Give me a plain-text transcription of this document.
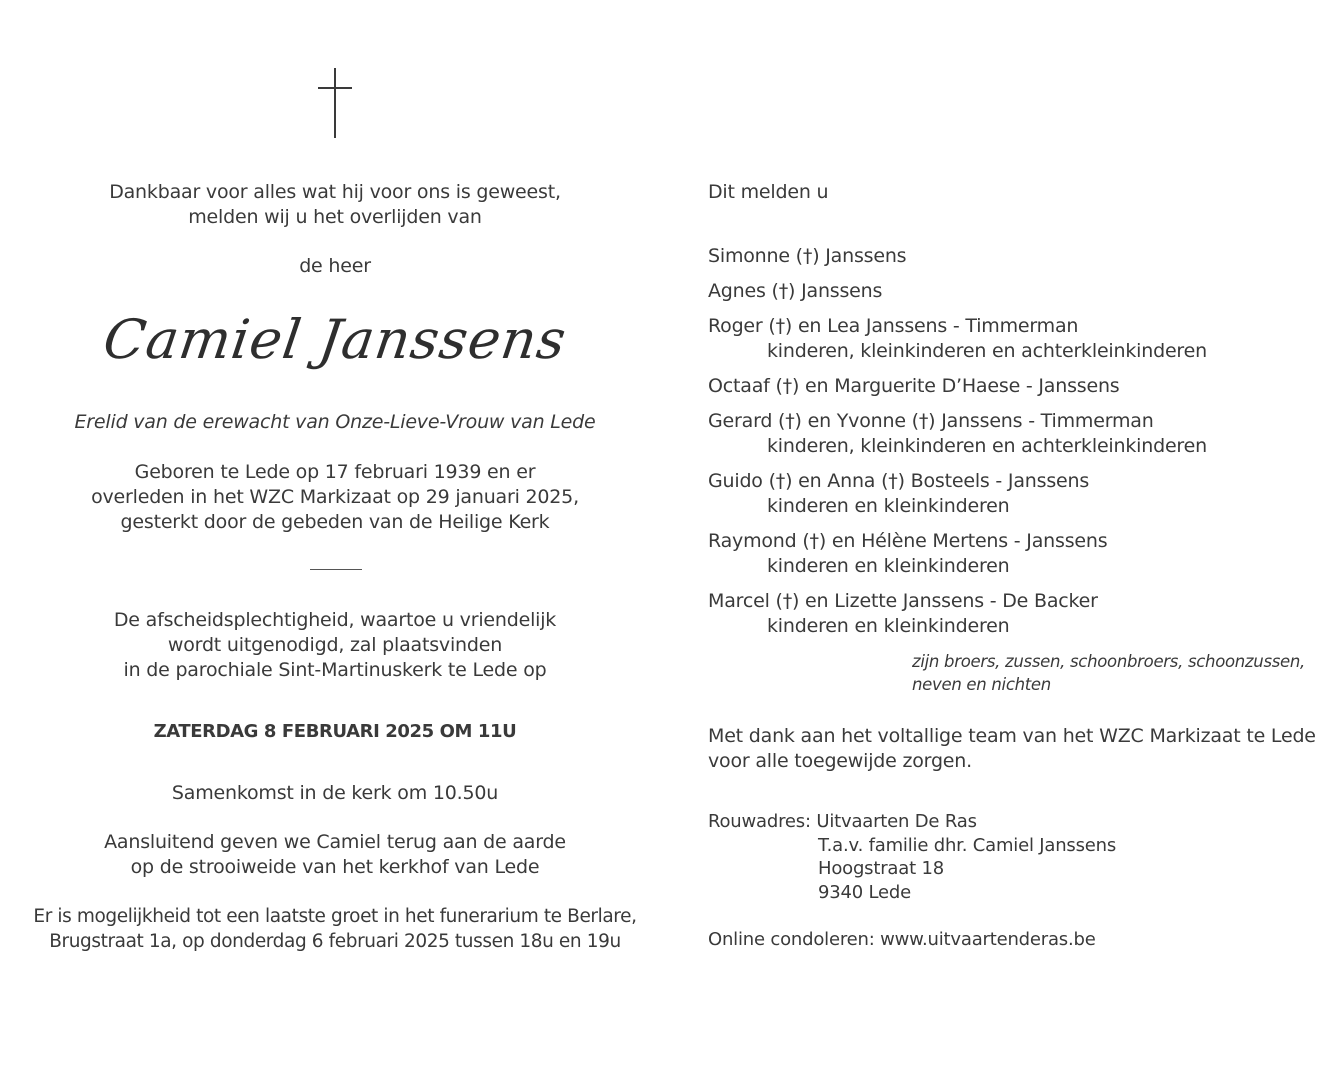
Dankbaar voor alles wat hij voor ons is geweest,
melden wij u het overlijden van
de heer
Camiel Janssens
Erelid van de erewacht van Onze-Lieve-Vrouw van Lede
Geboren te Lede op 17 februari 1939 en er
overleden in het WZC Markizaat op 29 januari 2025,
gesterkt door de gebeden van de Heilige Kerk
De afscheidsplechtigheid, waartoe u vriendelijk
wordt uitgenodigd, zal plaatsvinden
in de parochiale Sint-Martinuskerk te Lede op
ZATERDAG 8 FEBRUARI 2025 OM 11U
Samenkomst in de kerk om 10.50u
Aansluitend geven we Camiel terug aan de aarde
op de strooiweide van het kerkhof van Lede
Er is mogelijkheid tot een laatste groet in het funerarium te Berlare,
Brugstraat 1a, op donderdag 6 februari 2025 tussen 18u en 19u
Dit melden u
Simonne (†) Janssens
Agnes (†) Janssens
Roger (†) en Lea Janssens - Timmerman
kinderen, kleinkinderen en achterkleinkinderen
Octaaf (†) en Marguerite D’Haese - Janssens
Gerard (†) en Yvonne (†) Janssens - Timmerman
kinderen, kleinkinderen en achterkleinkinderen
Guido (†) en Anna (†) Bosteels - Janssens
kinderen en kleinkinderen
Raymond (†) en Hélène Mertens - Janssens
kinderen en kleinkinderen
Marcel (†) en Lizette Janssens - De Backer
kinderen en kleinkinderen
zijn broers, zussen, schoonbroers, schoonzussen,
neven en nichten
Met dank aan het voltallige team van het WZC Markizaat te Lede
voor alle toegewijde zorgen.
Rouwadres: Uitvaarten De Ras
T.a.v. familie dhr. Camiel Janssens
Hoogstraat 18
9340 Lede
Online condoleren: www.uitvaartenderas.be
